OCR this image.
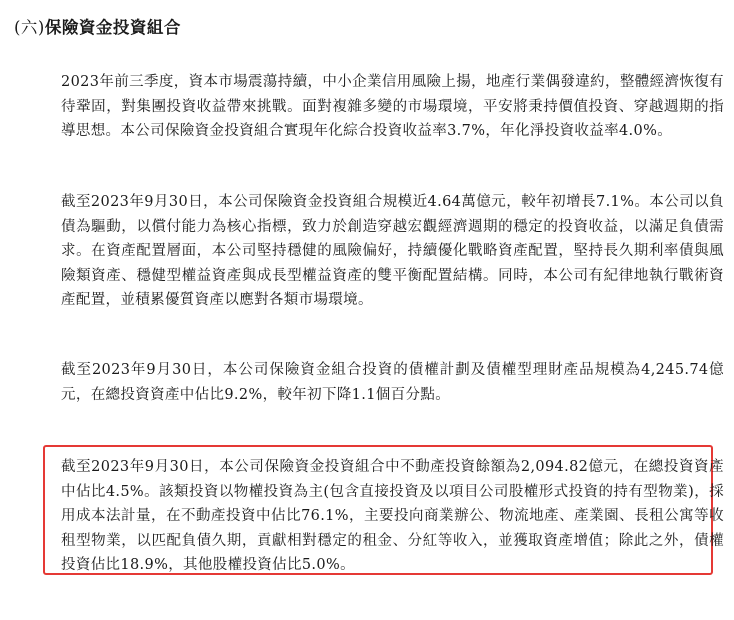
(六)保險資金投資組合

2023年前三季度，資本市場震蕩持續，中小企業信用風險上揚，地產行業偶發違約，整體經濟恢復有待鞏固，對集團投資收益帶來挑戰。面對複雜多變的市場環境，平安將秉持價值投資、穿越週期的指導思想。本公司保險資金投資組合實現年化綜合投資收益率3.7%，年化淨投資收益率4.0%。

截至2023年9月30日，本公司保險資金投資組合規模近4.64萬億元，較年初增長7.1%。本公司以負債為驅動，以償付能力為核心指標，致力於創造穿越宏觀經濟週期的穩定的投資收益，以滿足負債需求。在資產配置層面，本公司堅持穩健的風險偏好，持續優化戰略資產配置，堅持長久期利率債與風險類資產、穩健型權益資產與成長型權益資產的雙平衡配置結構。同時，本公司有紀律地執行戰術資產配置，並積累優質資產以應對各類市場環境。

截至2023年9月30日，本公司保險資金組合投資的債權計劃及債權型理財產品規模為4,245.74億元，在總投資資產中佔比9.2%，較年初下降1.1個百分點。

截至2023年9月30日，本公司保險資金投資組合中不動產投資餘額為2,094.82億元，在總投資資產中佔比4.5%。該類投資以物權投資為主(包含直接投資及以項目公司股權形式投資的持有型物業)，採用成本法計量，在不動產投資中佔比76.1%，主要投向商業辦公、物流地產、產業園、長租公寓等收租型物業，以匹配負債久期，貢獻相對穩定的租金、分紅等收入，並獲取資產增值；除此之外，債權投資佔比18.9%，其他股權投資佔比5.0%。
